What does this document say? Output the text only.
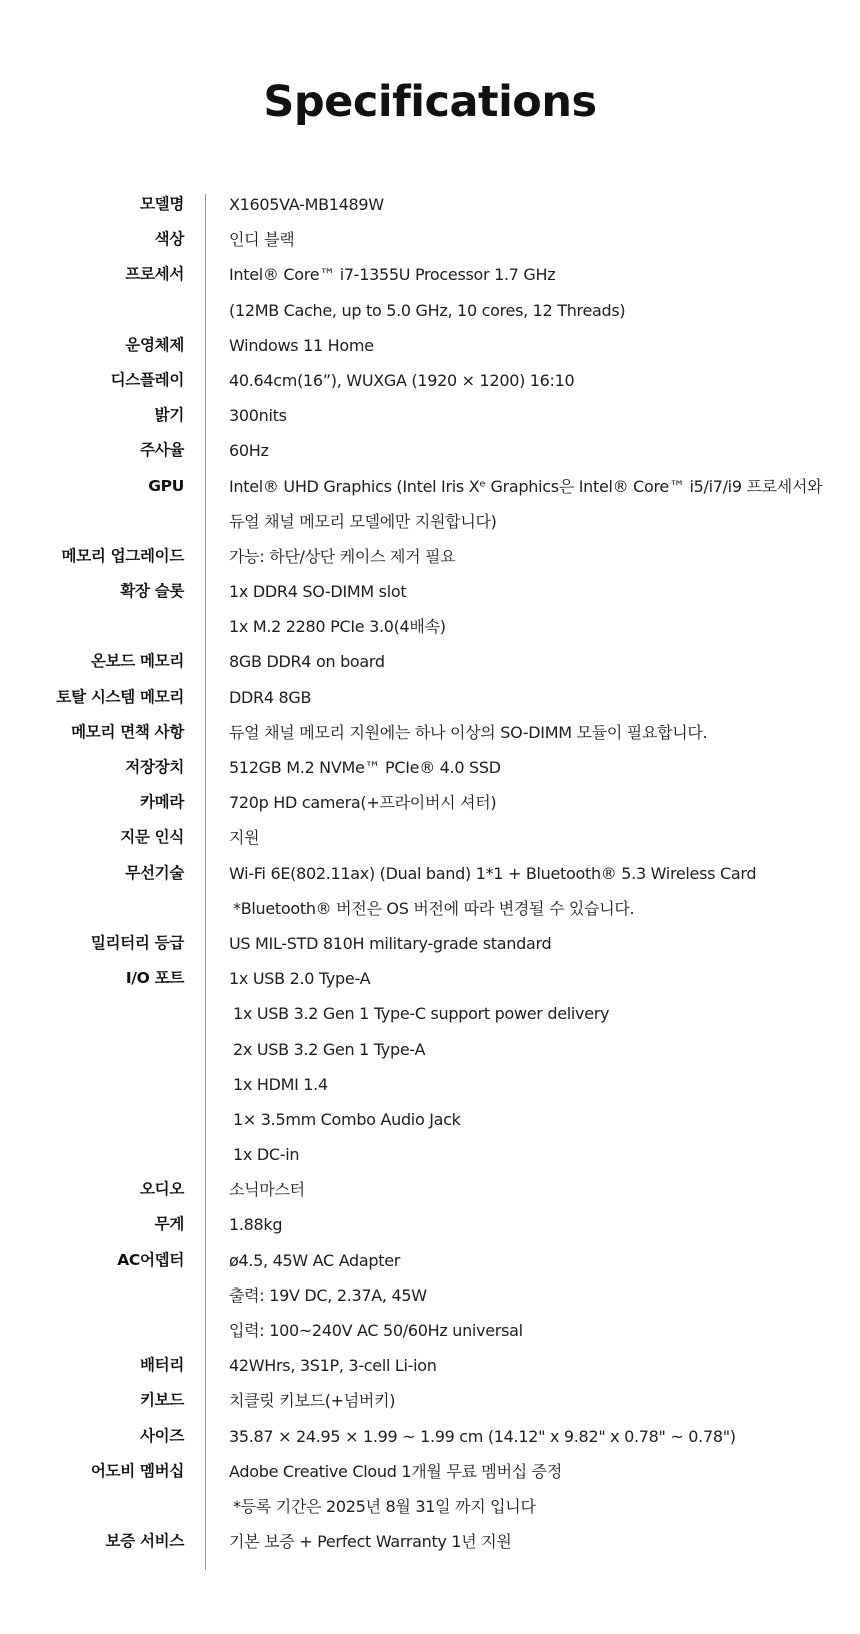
Specifications
모델명	X1605VA-MB1489W
색상	인디 블랙
프로세서	Intel® Core™ i7-1355U Processor 1.7 GHz
(12MB Cache, up to 5.0 GHz, 10 cores, 12 Threads)
운영체제	Windows 11 Home
디스플레이	40.64cm(16”), WUXGA (1920 × 1200) 16:10
밝기	300nits
주사율	60Hz
GPU	Intel® UHD Graphics (Intel Iris Xᵉ Graphics은 Intel® Core™ i5/i7/i9 프로세서와
듀얼 채널 메모리 모델에만 지원합니다)
메모리 업그레이드	가능: 하단/상단 케이스 제거 필요
확장 슬롯	1x DDR4 SO-DIMM slot
1x M.2 2280 PCIe 3.0(4배속)
온보드 메모리	8GB DDR4 on board
토탈 시스템 메모리	DDR4 8GB
메모리 면책 사항	듀얼 채널 메모리 지원에는 하나 이상의 SO-DIMM 모듈이 필요합니다.
저장장치	512GB M.2 NVMe™ PCIe® 4.0 SSD
카메라	720p HD camera(+프라이버시 셔터)
지문 인식	지원
무선기술	Wi-Fi 6E(802.11ax) (Dual band) 1*1 + Bluetooth® 5.3 Wireless Card
*Bluetooth® 버전은 OS 버전에 따라 변경될 수 있습니다.
밀리터리 등급	US MIL-STD 810H military-grade standard
I/O 포트	1x USB 2.0 Type-A
1x USB 3.2 Gen 1 Type-C support power delivery
2x USB 3.2 Gen 1 Type-A
1x HDMI 1.4
1× 3.5mm Combo Audio Jack
1x DC-in
오디오	소닉마스터
무게	1.88kg
AC어뎁터	ø4.5, 45W AC Adapter
출력: 19V DC, 2.37A, 45W
입력: 100~240V AC 50/60Hz universal
배터리	42WHrs, 3S1P, 3-cell Li-ion
키보드	치클릿 키보드(+넘버키)
사이즈	35.87 × 24.95 × 1.99 ~ 1.99 cm (14.12" x 9.82" x 0.78" ~ 0.78")
어도비 멤버십	Adobe Creative Cloud 1개월 무료 멤버십 증정
*등록 기간은 2025년 8월 31일 까지 입니다
보증 서비스	기본 보증 + Perfect Warranty 1년 지원
